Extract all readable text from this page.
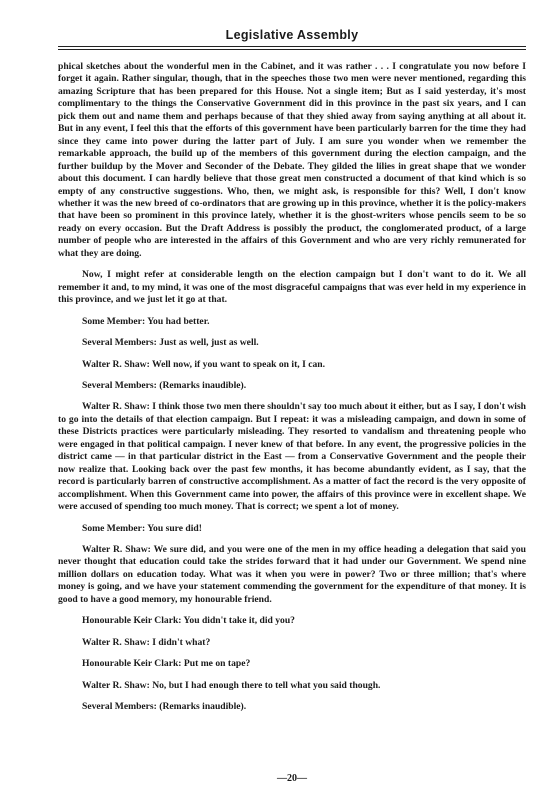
Legislative Assembly

phical sketches about the wonderful men in the Cabinet, and it was rather . . . I congratulate you now before I forget it again. Rather singular, though, that in the speeches those two men were never mentioned, regarding this amazing Scripture that has been prepared for this House. Not a single item; But as I said yesterday, it's most complimentary to the things the Conservative Government did in this province in the past six years, and I can pick them out and name them and perhaps because of that they shied away from saying anything at all about it. But in any event, I feel this that the efforts of this government have been particularly barren for the time they had since they came into power during the latter part of July. I am sure you wonder when we remember the remarkable approach, the build up of the members of this government during the election campaign, and the further buildup by the Mover and Seconder of the Debate. They gilded the lilies in great shape that we wonder about this document. I can hardly believe that those great men constructed a document of that kind which is so empty of any constructive suggestions. Who, then, we might ask, is responsible for this? Well, I don't know whether it was the new breed of co-ordinators that are growing up in this province, whether it is the policy-makers that have been so prominent in this province lately, whether it is the ghost-writers whose pencils seem to be so ready on every occasion. But the Draft Address is possibly the product, the conglomerated product, of a large number of people who are interested in the affairs of this Government and who are very richly remunerated for what they are doing.

Now, I might refer at considerable length on the election campaign but I don't want to do it. We all remember it and, to my mind, it was one of the most disgraceful campaigns that was ever held in my experience in this province, and we just let it go at that.

Some Member: You had better.

Several Members: Just as well, just as well.

Walter R. Shaw: Well now, if you want to speak on it, I can.

Several Members: (Remarks inaudible).

Walter R. Shaw: I think those two men there shouldn't say too much about it either, but as I say, I don't wish to go into the details of that election campaign. But I repeat: it was a misleading campaign, and down in some of these Districts practices were particularly misleading. They resorted to vandalism and threatening people who were engaged in that political campaign. I never knew of that before. In any event, the progressive policies in the district came — in that particular district in the East — from a Conservative Government and the people their now realize that. Looking back over the past few months, it has become abundantly evident, as I say, that the record is particularly barren of constructive accomplishment. As a matter of fact the record is the very opposite of accomplishment. When this Government came into power, the affairs of this province were in excellent shape. We were accused of spending too much money. That is correct; we spent a lot of money.

Some Member: You sure did!

Walter R. Shaw: We sure did, and you were one of the men in my office heading a delegation that said you never thought that education could take the strides forward that it had under our Government. We spend nine million dollars on education today. What was it when you were in power? Two or three million; that's where money is going, and we have your statement commending the government for the expenditure of that money. It is good to have a good memory, my honourable friend.

Honourable Keir Clark: You didn't take it, did you?

Walter R. Shaw: I didn't what?

Honourable Keir Clark: Put me on tape?

Walter R. Shaw: No, but I had enough there to tell what you said though.

Several Members: (Remarks inaudible).

—20—
